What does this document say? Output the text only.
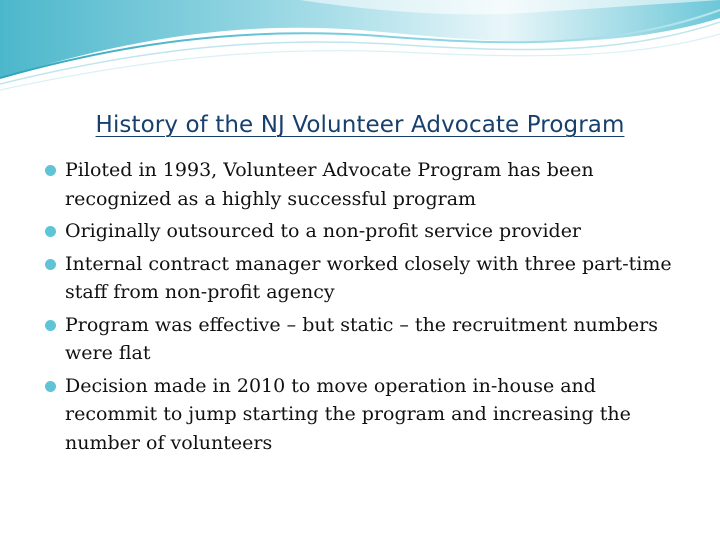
History of the NJ Volunteer Advocate Program
Piloted in 1993, Volunteer Advocate Program has been recognized as a highly successful program
Originally outsourced to a non-profit service provider
Internal contract manager worked closely with three part-time staff from non-profit agency
Program was effective – but static – the recruitment numbers were flat
Decision made in 2010 to move operation in-house and recommit to jump starting the program and increasing the number of volunteers
